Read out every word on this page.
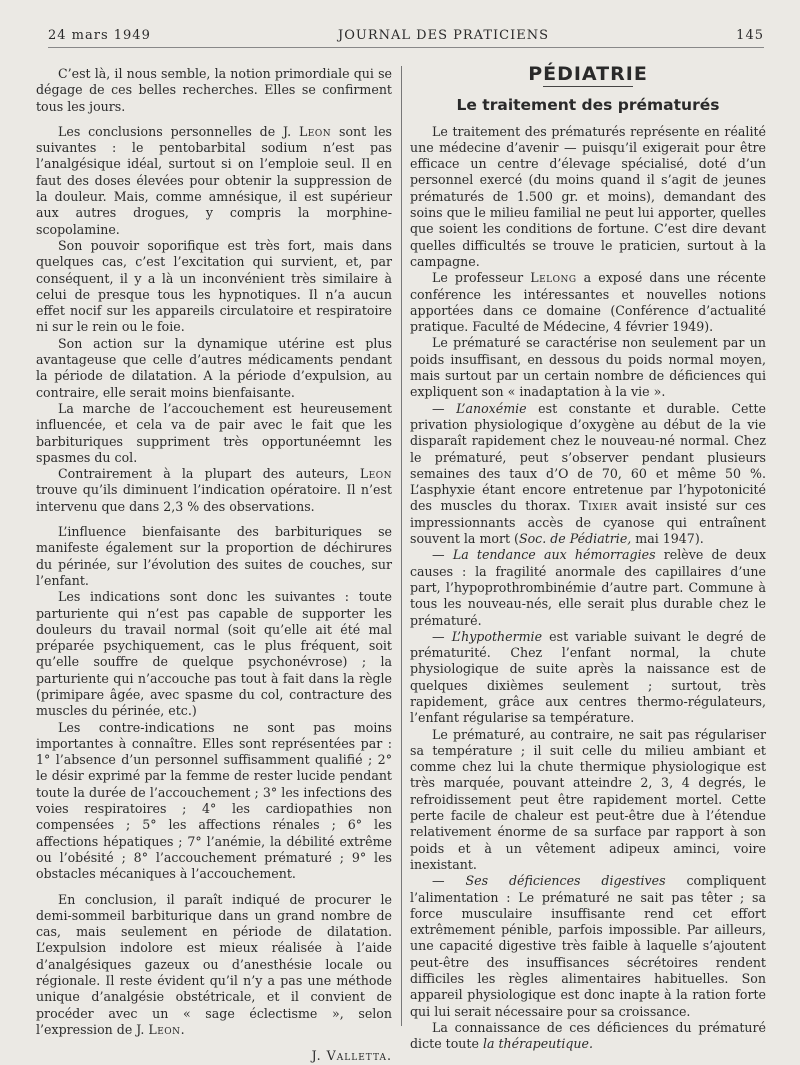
24 mars 1949	JOURNAL DES PRATICIENS	145

C’est là, il nous semble, la notion primordiale qui se dégage de ces belles recherches. Elles se confirment tous les jours.

Les conclusions personnelles de J. Leon sont les suivantes : le pentobarbital sodium n’est pas l’analgésique idéal, surtout si on l’emploie seul. Il en faut des doses élevées pour obtenir la suppression de la douleur. Mais, comme amnésique, il est supérieur aux autres drogues, y compris la morphine-scopolamine.

Son pouvoir soporifique est très fort, mais dans quelques cas, c’est l’excitation qui survient, et, par conséquent, il y a là un inconvénient très similaire à celui de presque tous les hypnotiques. Il n’a aucun effet nocif sur les appareils circulatoire et respiratoire ni sur le rein ou le foie.

Son action sur la dynamique utérine est plus avantageuse que celle d’autres médicaments pendant la période de dilatation. A la période d’expulsion, au contraire, elle serait moins bienfaisante.

La marche de l’accouchement est heureusement influencée, et cela va de pair avec le fait que les barbituriques suppriment très opportunéemnt les spasmes du col.

Contrairement à la plupart des auteurs, Leon trouve qu’ils diminuent l’indication opératoire. Il n’est intervenu que dans 2,3 % des observations.

L’influence bienfaisante des barbituriques se manifeste également sur la proportion de déchirures du périnée, sur l’évolution des suites de couches, sur l’enfant.

Les indications sont donc les suivantes : toute parturiente qui n’est pas capable de supporter les douleurs du travail normal (soit qu’elle ait été mal préparée psychiquement, cas le plus fréquent, soit qu’elle souffre de quelque psychonévrose) ; la parturiente qui n’accouche pas tout à fait dans la règle (primipare âgée, avec spasme du col, contracture des muscles du périnée, etc.)

Les contre-indications ne sont pas moins importantes à connaître. Elles sont représentées par : 1° l’absence d’un personnel suffisamment qualifié ; 2° le désir exprimé par la femme de rester lucide pendant toute la durée de l’accouchement ; 3° les infections des voies respiratoires ; 4° les cardiopathies non compensées ; 5° les affections rénales ; 6° les affections hépatiques ; 7° l’anémie, la débilité extrême ou l’obésité ; 8° l’accouchement prématuré ; 9° les obstacles mécaniques à l’accouchement.

En conclusion, il paraît indiqué de procurer le demi-sommeil barbiturique dans un grand nombre de cas, mais seulement en période de dilatation. L’expulsion indolore est mieux réalisée à l’aide d’analgésiques gazeux ou d’anesthésie locale ou régionale. Il reste évident qu’il n’y a pas une méthode unique d’analgésie obstétricale, et il convient de procéder avec un « sage éclectisme », selon l’expression de J. Leon.

J. Valletta.

PÉDIATRIE
Le traitement des prématurés

Le traitement des prématurés représente en réalité une médecine d’avenir — puisqu’il exigerait pour être efficace un centre d’élevage spécialisé, doté d’un personnel exercé (du moins quand il s’agit de jeunes prématurés de 1.500 gr. et moins), demandant des soins que le milieu familial ne peut lui apporter, quelles que soient les conditions de fortune. C’est dire devant quelles difficultés se trouve le praticien, surtout à la campagne.

Le professeur Lelong a exposé dans une récente conférence les intéressantes et nouvelles notions apportées dans ce domaine (Conférence d’actualité pratique. Faculté de Médecine, 4 février 1949).

Le prématuré se caractérise non seulement par un poids insuffisant, en dessous du poids normal moyen, mais surtout par un certain nombre de déficiences qui expliquent son « inadaptation à la vie ».

— L’anoxémie est constante et durable. Cette privation physiologique d’oxygène au début de la vie disparaît rapidement chez le nouveau-né normal. Chez le prématuré, peut s’observer pendant plusieurs semaines des taux d’O de 70, 60 et même 50 %. L’asphyxie étant encore entretenue par l’hypotonicité des muscles du thorax. Tixier avait insisté sur ces impressionnants accès de cyanose qui entraînent souvent la mort (Soc. de Pédiatrie, mai 1947).

— La tendance aux hémorragies relève de deux causes : la fragilité anormale des capillaires d’une part, l’hypoprothrombinémie d’autre part. Commune à tous les nouveau-nés, elle serait plus durable chez le prématuré.

— L’hypothermie est variable suivant le degré de prématurité. Chez l’enfant normal, la chute physiologique de suite après la naissance est de quelques dixièmes seulement ; surtout, très rapidement, grâce aux centres thermo-régulateurs, l’enfant régularise sa température.

Le prématuré, au contraire, ne sait pas régulariser sa température ; il suit celle du milieu ambiant et comme chez lui la chute thermique physiologique est très marquée, pouvant atteindre 2, 3, 4 degrés, le refroidissement peut être rapidement mortel. Cette perte facile de chaleur est peut-être due à l’étendue relativement énorme de sa surface par rapport à son poids et à un vêtement adipeux aminci, voire inexistant.

— Ses déficiences digestives compliquent l’alimentation : Le prématuré ne sait pas têter ; sa force musculaire insuffisante rend cet effort extrêmement pénible, parfois impossible. Par ailleurs, une capacité digestive très faible à laquelle s’ajoutent peut-être des insuffisances sécrétoires rendent difficiles les règles alimentaires habituelles. Son appareil physiologique est donc inapte à la ration forte qui lui serait nécessaire pour sa croissance.

La connaissance de ces déficiences du prématuré dicte toute la thérapeutique.
